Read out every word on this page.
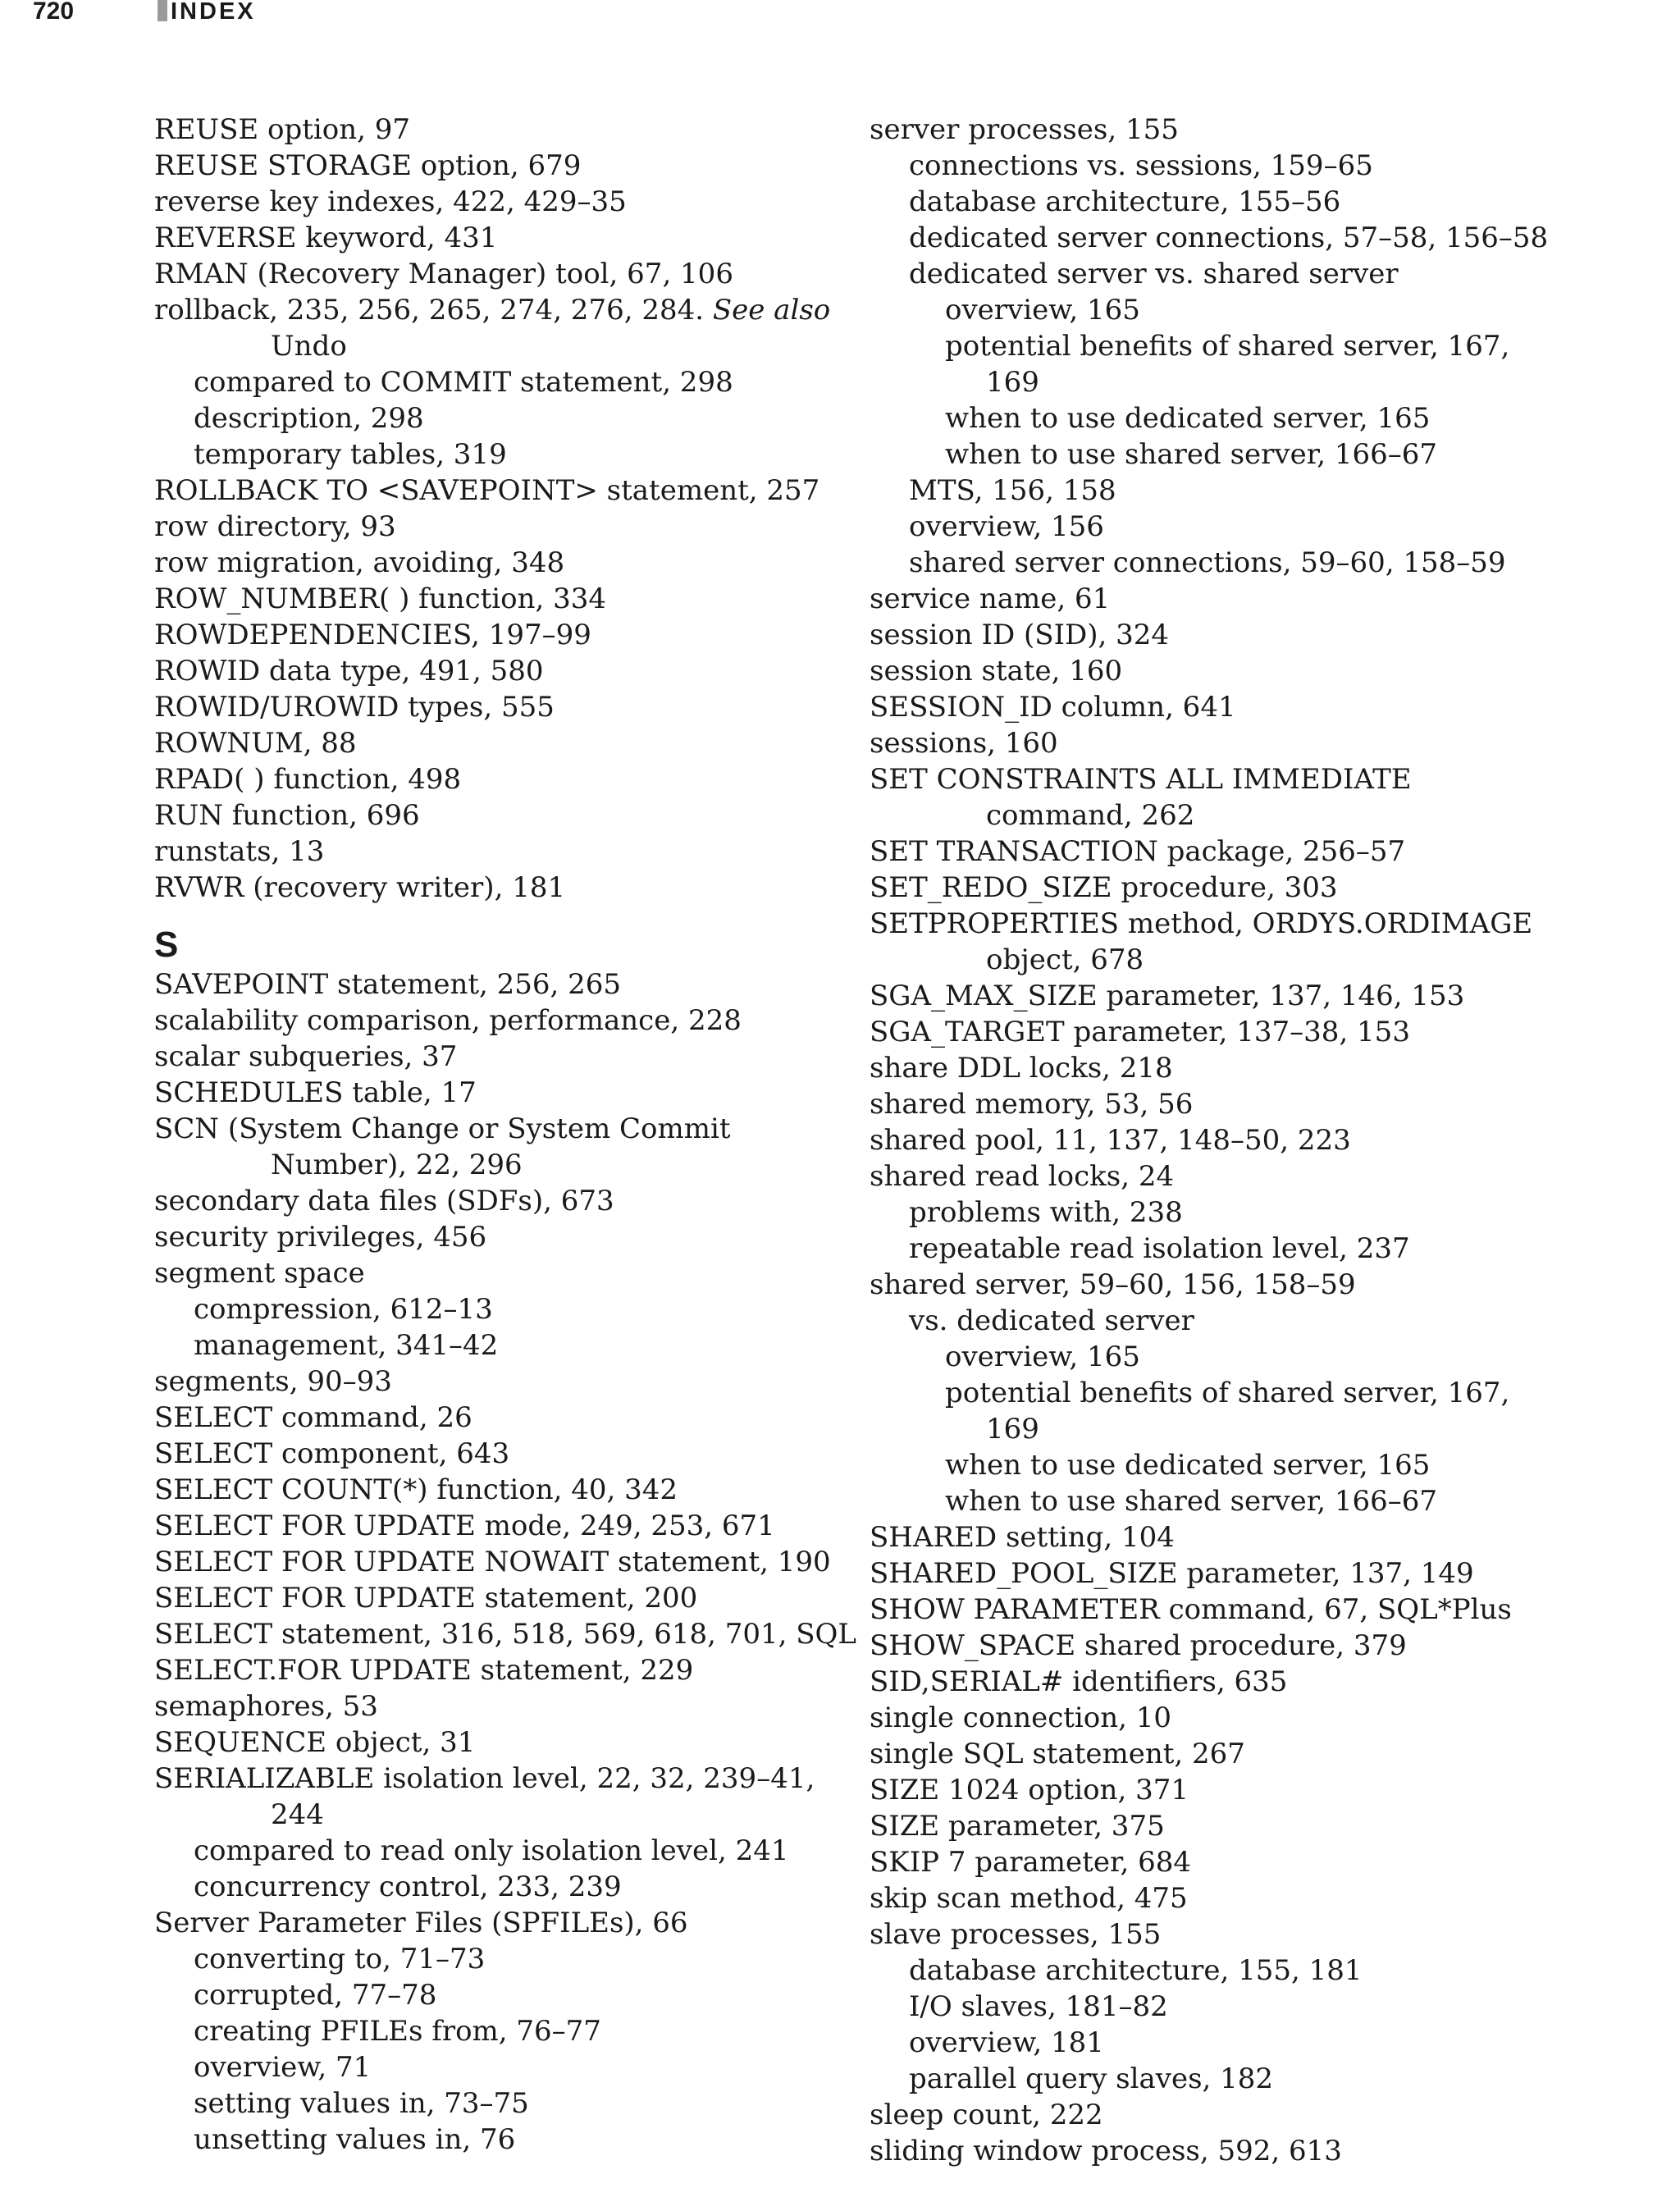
720	INDEX
REUSE option, 97
REUSE STORAGE option, 679
reverse key indexes, 422, 429–35
REVERSE keyword, 431
RMAN (Recovery Manager) tool, 67, 106
rollback, 235, 256, 265, 274, 276, 284. See also
Undo
compared to COMMIT statement, 298
description, 298
temporary tables, 319
ROLLBACK TO <SAVEPOINT> statement, 257
row directory, 93
row migration, avoiding, 348
ROW_NUMBER( ) function, 334
ROWDEPENDENCIES, 197–99
ROWID data type, 491, 580
ROWID/UROWID types, 555
ROWNUM, 88
RPAD( ) function, 498
RUN function, 696
runstats, 13
RVWR (recovery writer), 181
S
SAVEPOINT statement, 256, 265
scalability comparison, performance, 228
scalar subqueries, 37
SCHEDULES table, 17
SCN (System Change or System Commit
Number), 22, 296
secondary data files (SDFs), 673
security privileges, 456
segment space
compression, 612–13
management, 341–42
segments, 90–93
SELECT command, 26
SELECT component, 643
SELECT COUNT(*) function, 40, 342
SELECT FOR UPDATE mode, 249, 253, 671
SELECT FOR UPDATE NOWAIT statement, 190
SELECT FOR UPDATE statement, 200
SELECT statement, 316, 518, 569, 618, 701, SQL
SELECT.FOR UPDATE statement, 229
semaphores, 53
SEQUENCE object, 31
SERIALIZABLE isolation level, 22, 32, 239–41,
244
compared to read only isolation level, 241
concurrency control, 233, 239
Server Parameter Files (SPFILEs), 66
converting to, 71–73
corrupted, 77–78
creating PFILEs from, 76–77
overview, 71
setting values in, 73–75
unsetting values in, 76
server processes, 155
connections vs. sessions, 159–65
database architecture, 155–56
dedicated server connections, 57–58, 156–58
dedicated server vs. shared server
overview, 165
potential benefits of shared server, 167,
169
when to use dedicated server, 165
when to use shared server, 166–67
MTS, 156, 158
overview, 156
shared server connections, 59–60, 158–59
service name, 61
session ID (SID), 324
session state, 160
SESSION_ID column, 641
sessions, 160
SET CONSTRAINTS ALL IMMEDIATE
command, 262
SET TRANSACTION package, 256–57
SET_REDO_SIZE procedure, 303
SETPROPERTIES method, ORDYS.ORDIMAGE
object, 678
SGA_MAX_SIZE parameter, 137, 146, 153
SGA_TARGET parameter, 137–38, 153
share DDL locks, 218
shared memory, 53, 56
shared pool, 11, 137, 148–50, 223
shared read locks, 24
problems with, 238
repeatable read isolation level, 237
shared server, 59–60, 156, 158–59
vs. dedicated server
overview, 165
potential benefits of shared server, 167,
169
when to use dedicated server, 165
when to use shared server, 166–67
SHARED setting, 104
SHARED_POOL_SIZE parameter, 137, 149
SHOW PARAMETER command, 67, SQL*Plus
SHOW_SPACE shared procedure, 379
SID,SERIAL# identifiers, 635
single connection, 10
single SQL statement, 267
SIZE 1024 option, 371
SIZE parameter, 375
SKIP 7 parameter, 684
skip scan method, 475
slave processes, 155
database architecture, 155, 181
I/O slaves, 181–82
overview, 181
parallel query slaves, 182
sleep count, 222
sliding window process, 592, 613
